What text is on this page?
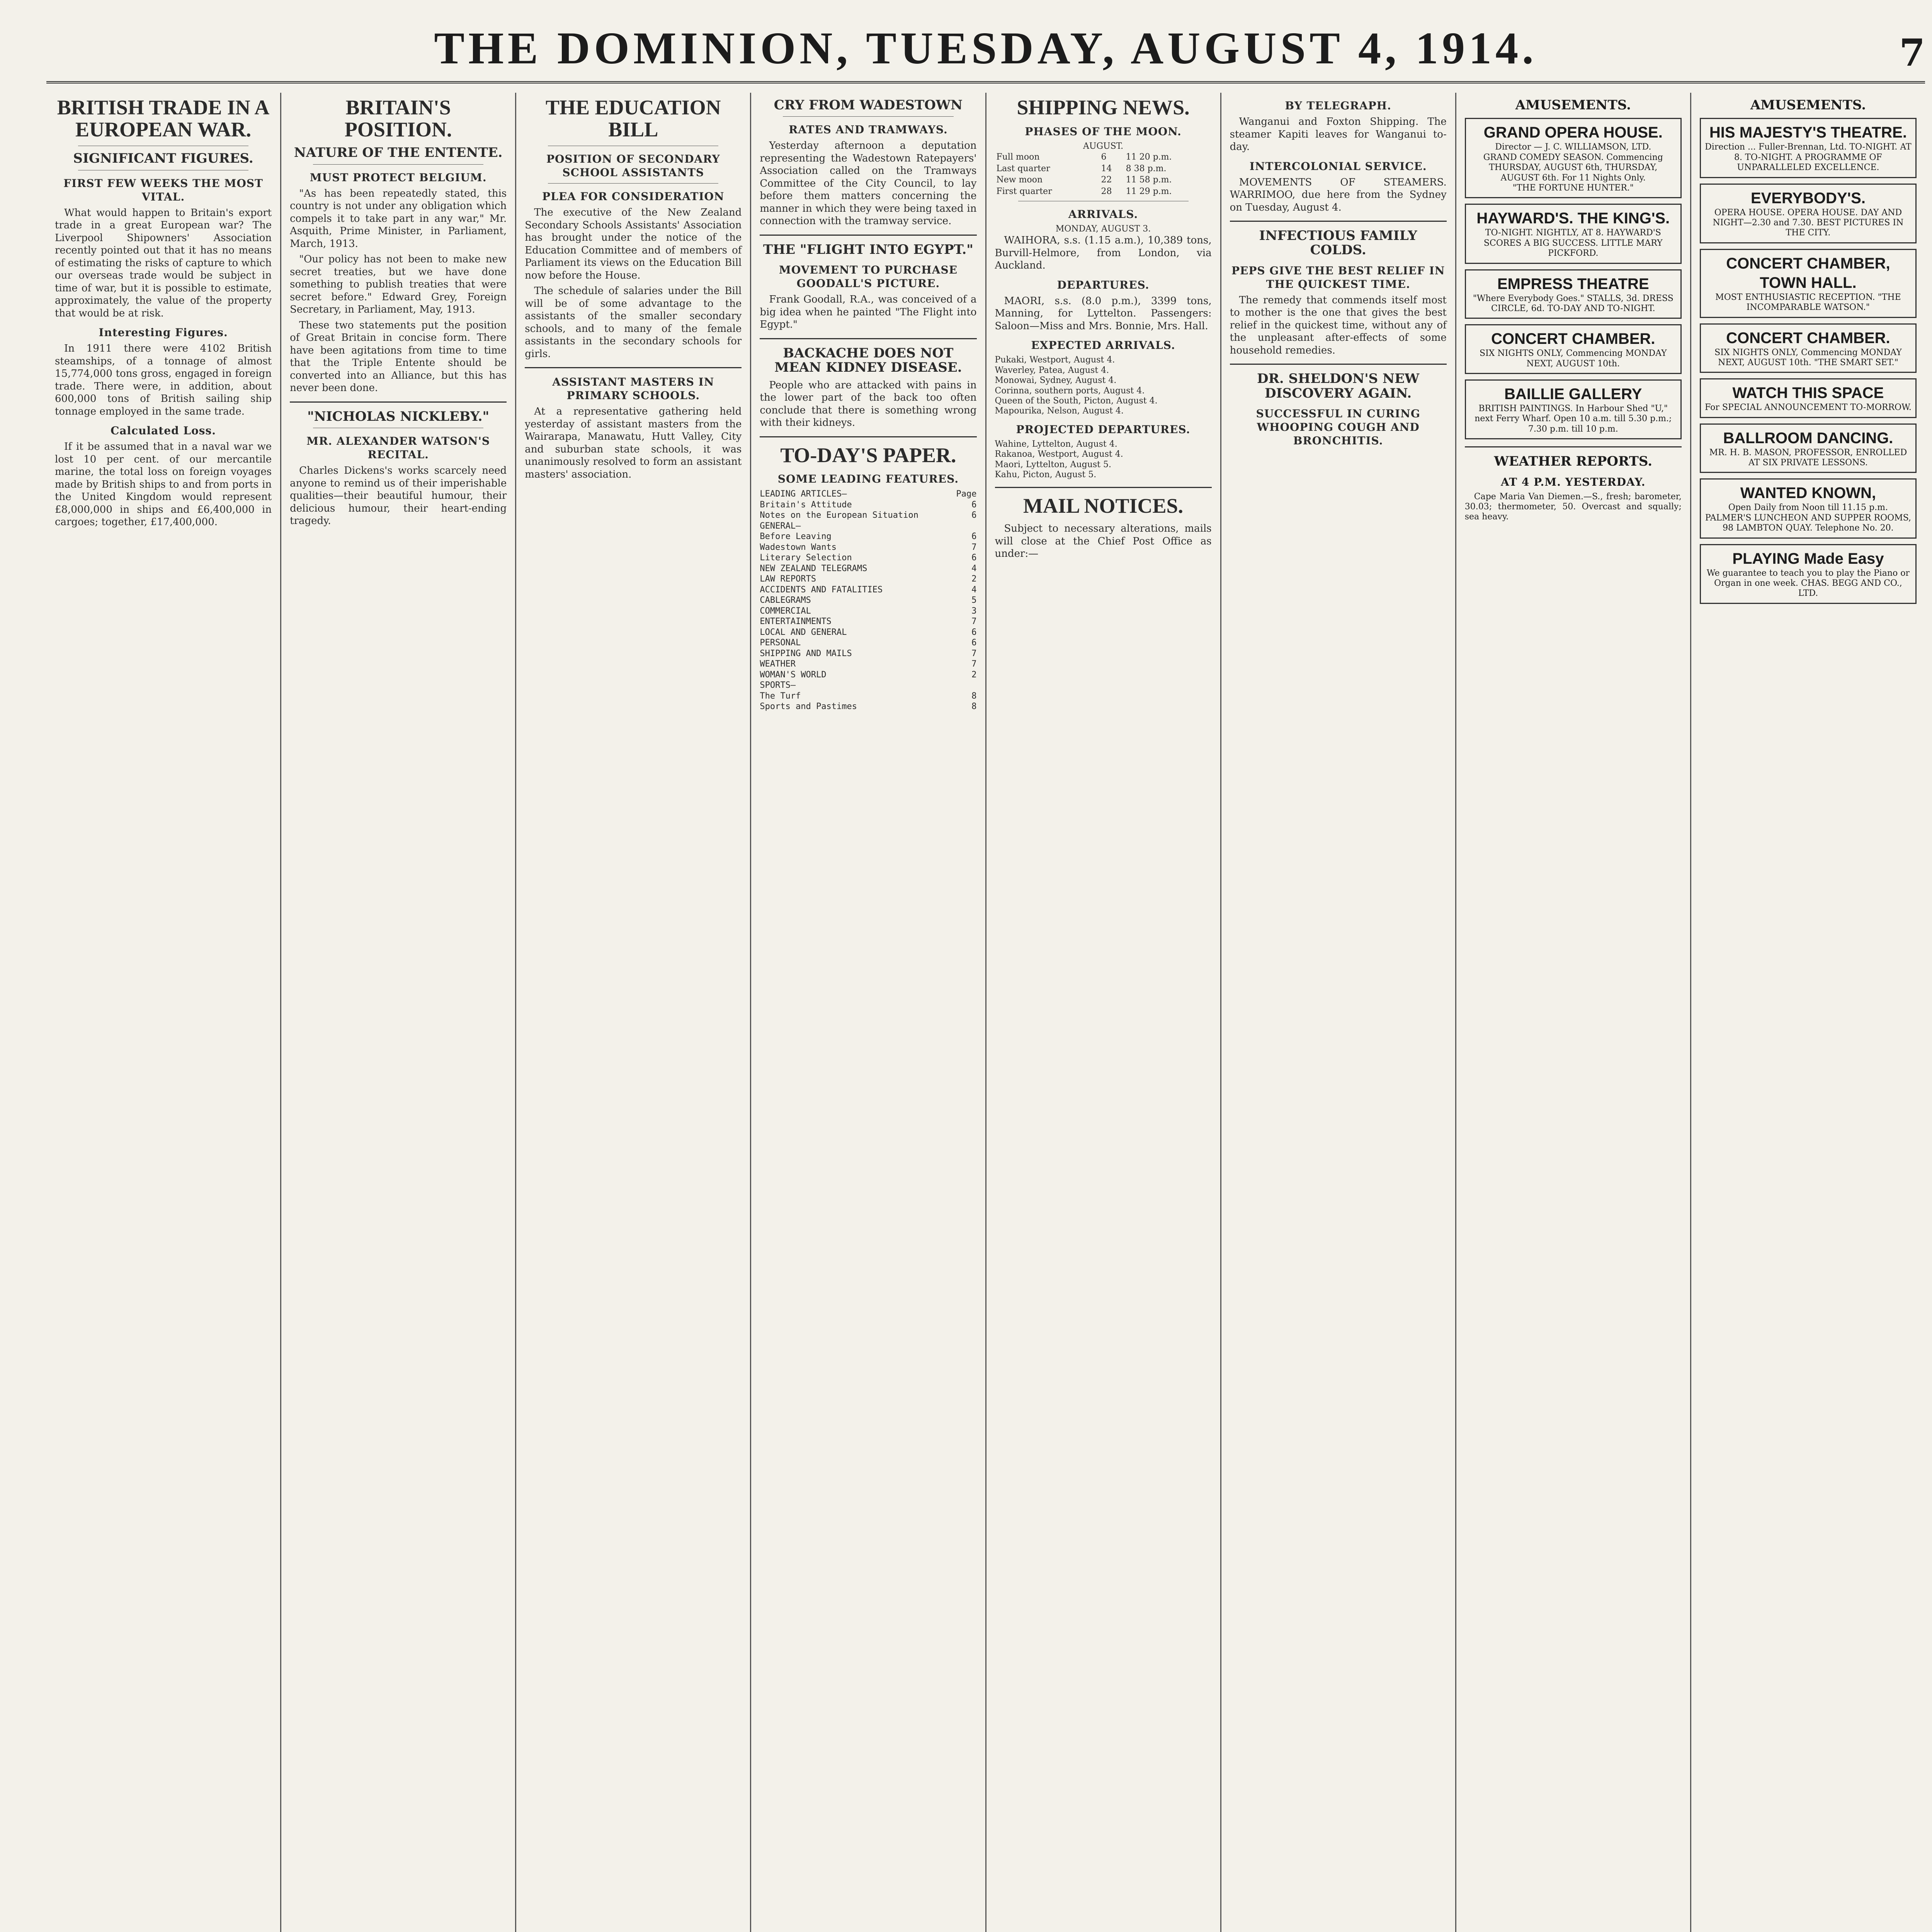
THE DOMINION, TUESDAY, AUGUST 4, 1914.	7
BRITISH TRADE IN A EUROPEAN WAR.
SIGNIFICANT FIGURES.
FIRST FEW WEEKS THE MOST VITAL.

What would happen to Britain's export trade in a great European war? The Liverpool Shipowners' Association recently pointed out that it has no means of estimating the risks of capture to which our overseas trade would be subject in time of war, but it is possible to estimate, approximately, the value of the property that would be at risk.

Interesting Figures.

In 1911 there were 4102 British steamships, of a tonnage of almost 15,774,000 tons gross, engaged in foreign trade. There were, in addition, about 600,000 tons of British sailing ship tonnage employed in the same trade.

Calculated Loss.

If it be assumed that in a naval war we lost 10 per cent. of our mercantile marine, the total loss on foreign voyages made by British ships to and from ports in the United Kingdom would represent £8,000,000 in ships and £6,400,000 in cargoes; together, £17,400,000.

BRITAIN'S POSITION.
NATURE OF THE ENTENTE.
MUST PROTECT BELGIUM.

"As has been repeatedly stated, this country is not under any obligation which compels it to take part in any war," Mr. Asquith, Prime Minister, in Parliament, March, 1913.

"Our policy has not been to make new secret treaties, but we have done something to publish treaties that were secret before." Edward Grey, Foreign Secretary, in Parliament, May, 1913.

These two statements put the position of Great Britain in concise form. There have been agitations from time to time that the Triple Entente should be converted into an Alliance, but this has never been done.

"NICHOLAS NICKLEBY."
MR. ALEXANDER WATSON'S RECITAL.

Charles Dickens's works scarcely need anyone to remind us of their imperishable qualities—their beautiful humour, their delicious humour, their heart-ending tragedy.

THE EDUCATION BILL
POSITION OF SECONDARY SCHOOL ASSISTANTS
PLEA FOR CONSIDERATION

The executive of the New Zealand Secondary Schools Assistants' Association has brought under the notice of the Education Committee and of members of Parliament its views on the Education Bill now before the House.

The schedule of salaries under the Bill will be of some advantage to the assistants of the smaller secondary schools, and to many of the female assistants in the secondary schools for girls.

ASSISTANT MASTERS IN PRIMARY SCHOOLS.

At a representative gathering held yesterday of assistant masters from the Wairarapa, Manawatu, Hutt Valley, City and suburban state schools, it was unanimously resolved to form an assistant masters' association.

CRY FROM WADESTOWN
RATES AND TRAMWAYS.

Yesterday afternoon a deputation representing the Wadestown Ratepayers' Association called on the Tramways Committee of the City Council, to lay before them matters concerning the manner in which they were being taxed in connection with the tramway service.

THE "FLIGHT INTO EGYPT."
MOVEMENT TO PURCHASE GOODALL'S PICTURE.

Frank Goodall, R.A., was conceived of a big idea when he painted "The Flight into Egypt."

BACKACHE DOES NOT MEAN KIDNEY DISEASE.

People who are attacked with pains in the lower part of the back too often conclude that there is something wrong with their kidneys.

TO-DAY'S PAPER.
SOME LEADING FEATURES.
LEADING ARTICLES—	Page
Britain's Attitude	6
Notes on the European Situation	6
GENERAL—
Before Leaving	6
Wadestown Wants	7
Literary Selection	6
NEW ZEALAND TELEGRAMS	4
LAW REPORTS	2
ACCIDENTS AND FATALITIES	4
CABLEGRAMS	5
COMMERCIAL	3
ENTERTAINMENTS	7
LOCAL AND GENERAL	6
PERSONAL	6
SHIPPING AND MAILS	7
WEATHER	7
WOMAN'S WORLD	2
SPORTS—
The Turf	8
Sports and Pastimes	8
SHIPPING NEWS.
PHASES OF THE MOON.
AUGUST.
Full moon	6	11 20 p.m.
Last quarter	14	8 38 p.m.
New moon	22	11 58 p.m.
First quarter	28	11 29 p.m.
ARRIVALS.
MONDAY, AUGUST 3.

WAIHORA, s.s. (1.15 a.m.), 10,389 tons, Burvill-Helmore, from London, via Auckland.

DEPARTURES.

MAORI, s.s. (8.0 p.m.), 3399 tons, Manning, for Lyttelton. Passengers: Saloon—Miss and Mrs. Bonnie, Mrs. Hall.

EXPECTED ARRIVALS.
Pukaki, Westport, August 4.
Waverley, Patea, August 4.
Monowai, Sydney, August 4.
Corinna, southern ports, August 4.
Queen of the South, Picton, August 4.
Mapourika, Nelson, August 4.
PROJECTED DEPARTURES.
Wahine, Lyttelton, August 4.
Rakanoa, Westport, August 4.
Maori, Lyttelton, August 5.
Kahu, Picton, August 5.
MAIL NOTICES.

Subject to necessary alterations, mails will close at the Chief Post Office as under:—

BY TELEGRAPH.

Wanganui and Foxton Shipping. The steamer Kapiti leaves for Wanganui to-day.

INTERCOLONIAL SERVICE.

MOVEMENTS OF STEAMERS. WARRIMOO, due here from the Sydney on Tuesday, August 4.

INFECTIOUS FAMILY COLDS.
PEPS GIVE THE BEST RELIEF IN THE QUICKEST TIME.

The remedy that commends itself most to mother is the one that gives the best relief in the quickest time, without any of the unpleasant after-effects of some household remedies.

DR. SHELDON'S NEW DISCOVERY AGAIN.
SUCCESSFUL IN CURING WHOOPING COUGH AND BRONCHITIS.
AMUSEMENTS.
GRAND OPERA HOUSE.
Director — J. C. WILLIAMSON, LTD.
GRAND COMEDY SEASON. Commencing THURSDAY, AUGUST 6th, THURSDAY, AUGUST 6th. For 11 Nights Only.
"THE FORTUNE HUNTER."
HAYWARD'S. THE KING'S.
TO-NIGHT. NIGHTLY, AT 8. HAYWARD'S SCORES A BIG SUCCESS. LITTLE MARY PICKFORD.
EMPRESS THEATRE
"Where Everybody Goes." STALLS, 3d. DRESS CIRCLE, 6d. TO-DAY AND TO-NIGHT.
CONCERT CHAMBER.
SIX NIGHTS ONLY, Commencing MONDAY NEXT, AUGUST 10th.
BAILLIE GALLERY
BRITISH PAINTINGS. In Harbour Shed "U," next Ferry Wharf. Open 10 a.m. till 5.30 p.m.; 7.30 p.m. till 10 p.m.
WEATHER REPORTS.
AT 4 P.M. YESTERDAY.

Cape Maria Van Diemen.—S., fresh; barometer, 30.03; thermometer, 50. Overcast and squally; sea heavy.

AMUSEMENTS.
HIS MAJESTY'S THEATRE.
Direction ... Fuller-Brennan, Ltd. TO-NIGHT. AT 8. TO-NIGHT. A PROGRAMME OF UNPARALLELED EXCELLENCE.
EVERYBODY'S.
OPERA HOUSE. OPERA HOUSE. DAY AND NIGHT—2.30 and 7.30. BEST PICTURES IN THE CITY.
CONCERT CHAMBER, TOWN HALL.
MOST ENTHUSIASTIC RECEPTION. "THE INCOMPARABLE WATSON."
CONCERT CHAMBER.
SIX NIGHTS ONLY, Commencing MONDAY NEXT, AUGUST 10th. "THE SMART SET."
WATCH THIS SPACE
For SPECIAL ANNOUNCEMENT TO-MORROW.
BALLROOM DANCING.
MR. H. B. MASON, PROFESSOR, ENROLLED AT SIX PRIVATE LESSONS.
WANTED KNOWN,
Open Daily from Noon till 11.15 p.m. PALMER'S LUNCHEON AND SUPPER ROOMS, 98 LAMBTON QUAY. Telephone No. 20.
PLAYING Made Easy
We guarantee to teach you to play the Piano or Organ in one week. CHAS. BEGG AND CO., LTD.
